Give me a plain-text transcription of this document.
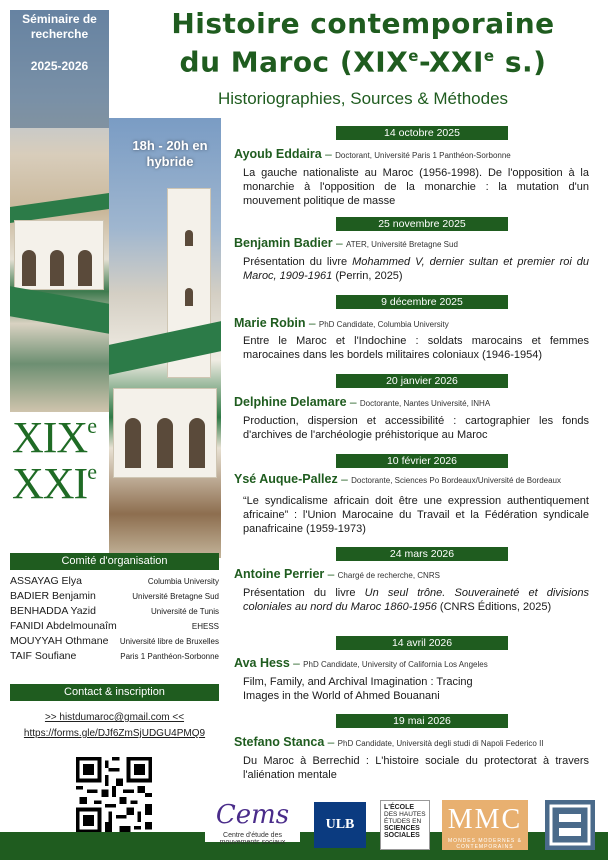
Séminaire de recherche
2025-2026
18h - 20h en hybride
XIXe
XXIe
Histoire contemporaine
du Maroc (XIXe-XXIe s.)
Historiographies, Sources & Méthodes
Comité d'organisation
ASSAYAG Elya	Columbia University
BADIER Benjamin	Université Bretagne Sud
BENHADDA Yazid	Université de Tunis
FANIDI Abdelmounaîm	EHESS
MOUYYAH Othmane Université libre de Bruxelles
TAIF Soufiane	Paris 1 Panthéon-Sorbonne
Contact & inscription
>> histdumaroc@gmail.com <<
https://forms.gle/DJf6ZmSjUDGU4PMQ9
14 octobre 2025
Ayoub Eddaira – Doctorant, Université Paris 1 Panthéon-Sorbonne
La gauche nationaliste au Maroc (1956-1998). De l'opposition à la monarchie à l'opposition de la monarchie : la mutation d'un mouvement politique de masse
25 novembre 2025
Benjamin Badier – ATER, Université Bretagne Sud
Présentation du livre Mohammed V, dernier sultan et premier roi du Maroc, 1909-1961 (Perrin, 2025)
9 décembre 2025
Marie Robin – PhD Candidate, Columbia University
Entre le Maroc et l'Indochine : soldats marocains et femmes marocaines dans les bordels militaires coloniaux (1946-1954)
20 janvier 2026
Delphine Delamare – Doctorante, Nantes Université, INHA
Production, dispersion et accessibilité : cartographier les fonds d'archives de l'archéologie préhistorique au Maroc
10 février 2026
Ysé Auque-Pallez – Doctorante, Sciences Po Bordeaux/Université de Bordeaux
“Le syndicalisme africain doit être une expression authentiquement africaine” : l'Union Marocaine du Travail et la Fédération syndicale panafricaine (1959-1973)
24 mars 2026
Antoine Perrier – Chargé de recherche, CNRS
Présentation du livre Un seul trône. Souveraineté et divisions coloniales au nord du Maroc 1860-1956 (CNRS Éditions, 2025)
14 avril 2026
Ava Hess – PhD Candidate, University of California Los Angeles
Film, Family, and Archival Imagination : Tracing Images in the World of Ahmed Bouanani
19 mai 2026
Stefano Stanca – PhD Candidate, Università degli studi di Napoli Federico II
Du Maroc à Berrechid : L'histoire sociale du protectorat à travers l'aliénation mentale
Cems
Centre d'étude des mouvements sociaux
ULB
L'ÉCOLE
DES HAUTES ÉTUDES EN
SCIENCES SOCIALES
MMC
MONDES MODERNES & CONTEMPORAINS
